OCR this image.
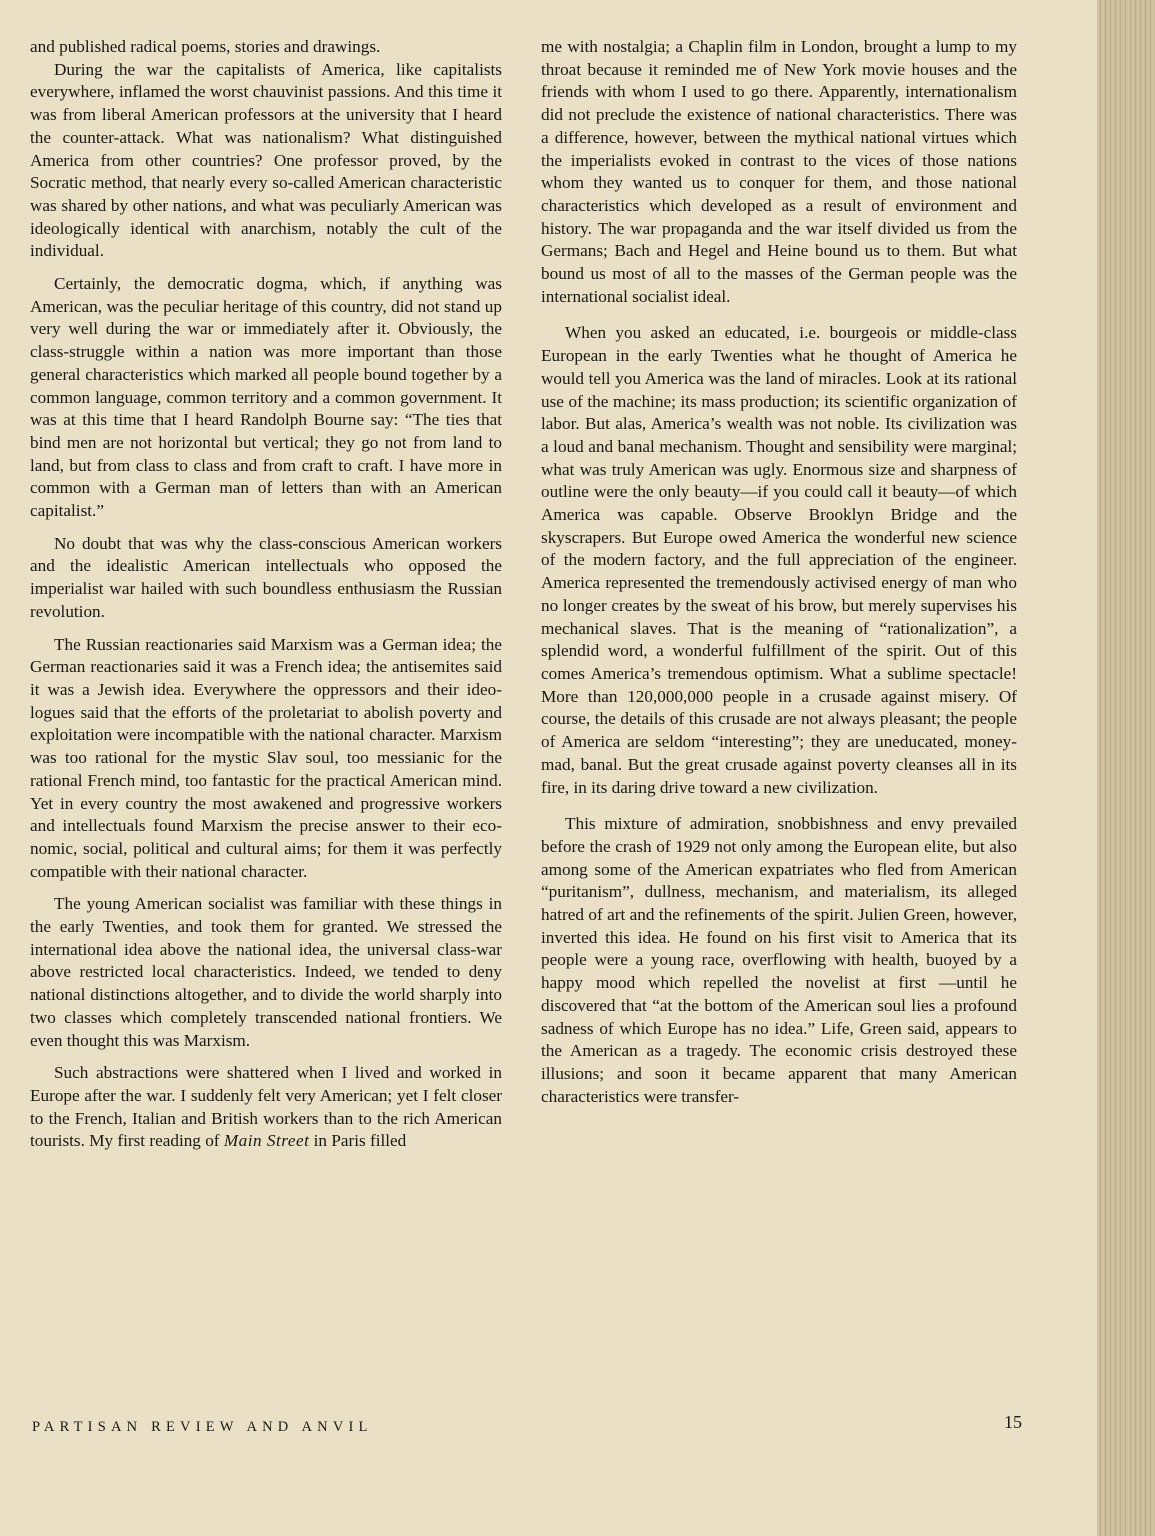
and published radical poems, stories and drawings.

During the war the capitalists of America, like capitalists everywhere, inflamed the worst chauvinist passions. And this time it was from liberal American professors at the university that I heard the counter-attack. What was nationalism? What distinguished America from other countries? One professor proved, by the Socratic method, that nearly every so-called American characteristic was shared by other nations, and what was peculiarly American was ideologically identical with anarchism, notably the cult of the individual.

Certainly, the democratic dogma, which, if anything was American, was the peculiar heritage of this country, did not stand up very well during the war or immediately after it. Obviously, the class-struggle within a nation was more important than those general characteristics which marked all people bound together by a common language, common territory and a common government. It was at this time that I heard Randolph Bourne say: “The ties that bind men are not horizontal but vertical; they go not from land to land, but from class to class and from craft to craft. I have more in common with a German man of letters than with an American capitalist.”

No doubt that was why the class-conscious American workers and the idealistic American intellectuals who opposed the imperialist war hailed with such boundless enthusiasm the Russian revolution.

The Russian reactionaries said Marxism was a German idea; the German reactionaries said it was a French idea; the antisemites said it was a Jewish idea. Everywhere the oppressors and their ideologues said that the efforts of the proletariat to abolish poverty and exploitation were incompatible with the national character. Marxism was too rational for the mystic Slav soul, too messianic for the rational French mind, too fantastic for the practical American mind. Yet in every country the most awakened and progressive workers and intellectuals found Marxism the precise answer to their economic, social, political and cultural aims; for them it was perfectly compatible with their national character.

The young American socialist was familiar with these things in the early Twenties, and took them for granted. We stressed the international idea above the national idea, the universal class-war above restricted local characteristics. Indeed, we tended to deny national distinctions altogether, and to divide the world sharply into two classes which completely transcended national frontiers. We even thought this was Marxism.

Such abstractions were shattered when I lived and worked in Europe after the war. I suddenly felt very American; yet I felt closer to the French, Italian and British workers than to the rich American tourists. My first reading of Main Street in Paris filled

me with nostalgia; a Chaplin film in London, brought a lump to my throat because it reminded me of New York movie houses and the friends with whom I used to go there. Apparently, internationalism did not preclude the existence of national characteristics. There was a difference, however, between the mythical national virtues which the imperialists evoked in contrast to the vices of those nations whom they wanted us to conquer for them, and those national characteristics which developed as a result of environment and history. The war propaganda and the war itself divided us from the Germans; Bach and Hegel and Heine bound us to them. But what bound us most of all to the masses of the German people was the international socialist ideal.

When you asked an educated, i.e. bourgeois or middle-class European in the early Twenties what he thought of America he would tell you America was the land of miracles. Look at its rational use of the machine; its mass production; its scientific organization of labor. But alas, America’s wealth was not noble. Its civilization was a loud and banal mechanism. Thought and sensibility were marginal; what was truly American was ugly. Enormous size and sharpness of outline were the only beauty—if you could call it beauty—of which America was capable. Observe Brooklyn Bridge and the skyscrapers. But Europe owed America the wonderful new science of the modern factory, and the full appreciation of the engineer. America represented the tremendously activised energy of man who no longer creates by the sweat of his brow, but merely supervises his mechanical slaves. That is the meaning of “rationalization”, a splendid word, a wonderful fulfillment of the spirit. Out of this comes America’s tremendous optimism. What a sublime spectacle! More than 120,000,000 people in a crusade against misery. Of course, the details of this crusade are not always pleasant; the people of America are seldom “interesting”; they are uneducated, money-mad, banal. But the great crusade against poverty cleanses all in its fire, in its daring drive toward a new civilization.

This mixture of admiration, snobbishness and envy prevailed before the crash of 1929 not only among the European elite, but also among some of the American expatriates who fled from American “puritanism”, dullness, mechanism, and materialism, its alleged hatred of art and the refinements of the spirit. Julien Green, however, inverted this idea. He found on his first visit to America that its people were a young race, overflowing with health, buoyed by a happy mood which repelled the novelist at first —until he discovered that “at the bottom of the American soul lies a profound sadness of which Europe has no idea.” Life, Green said, appears to the American as a tragedy. The economic crisis destroyed these illusions; and soon it became apparent that many American characteristics were transfer-

PARTISAN REVIEW AND ANVIL	15
